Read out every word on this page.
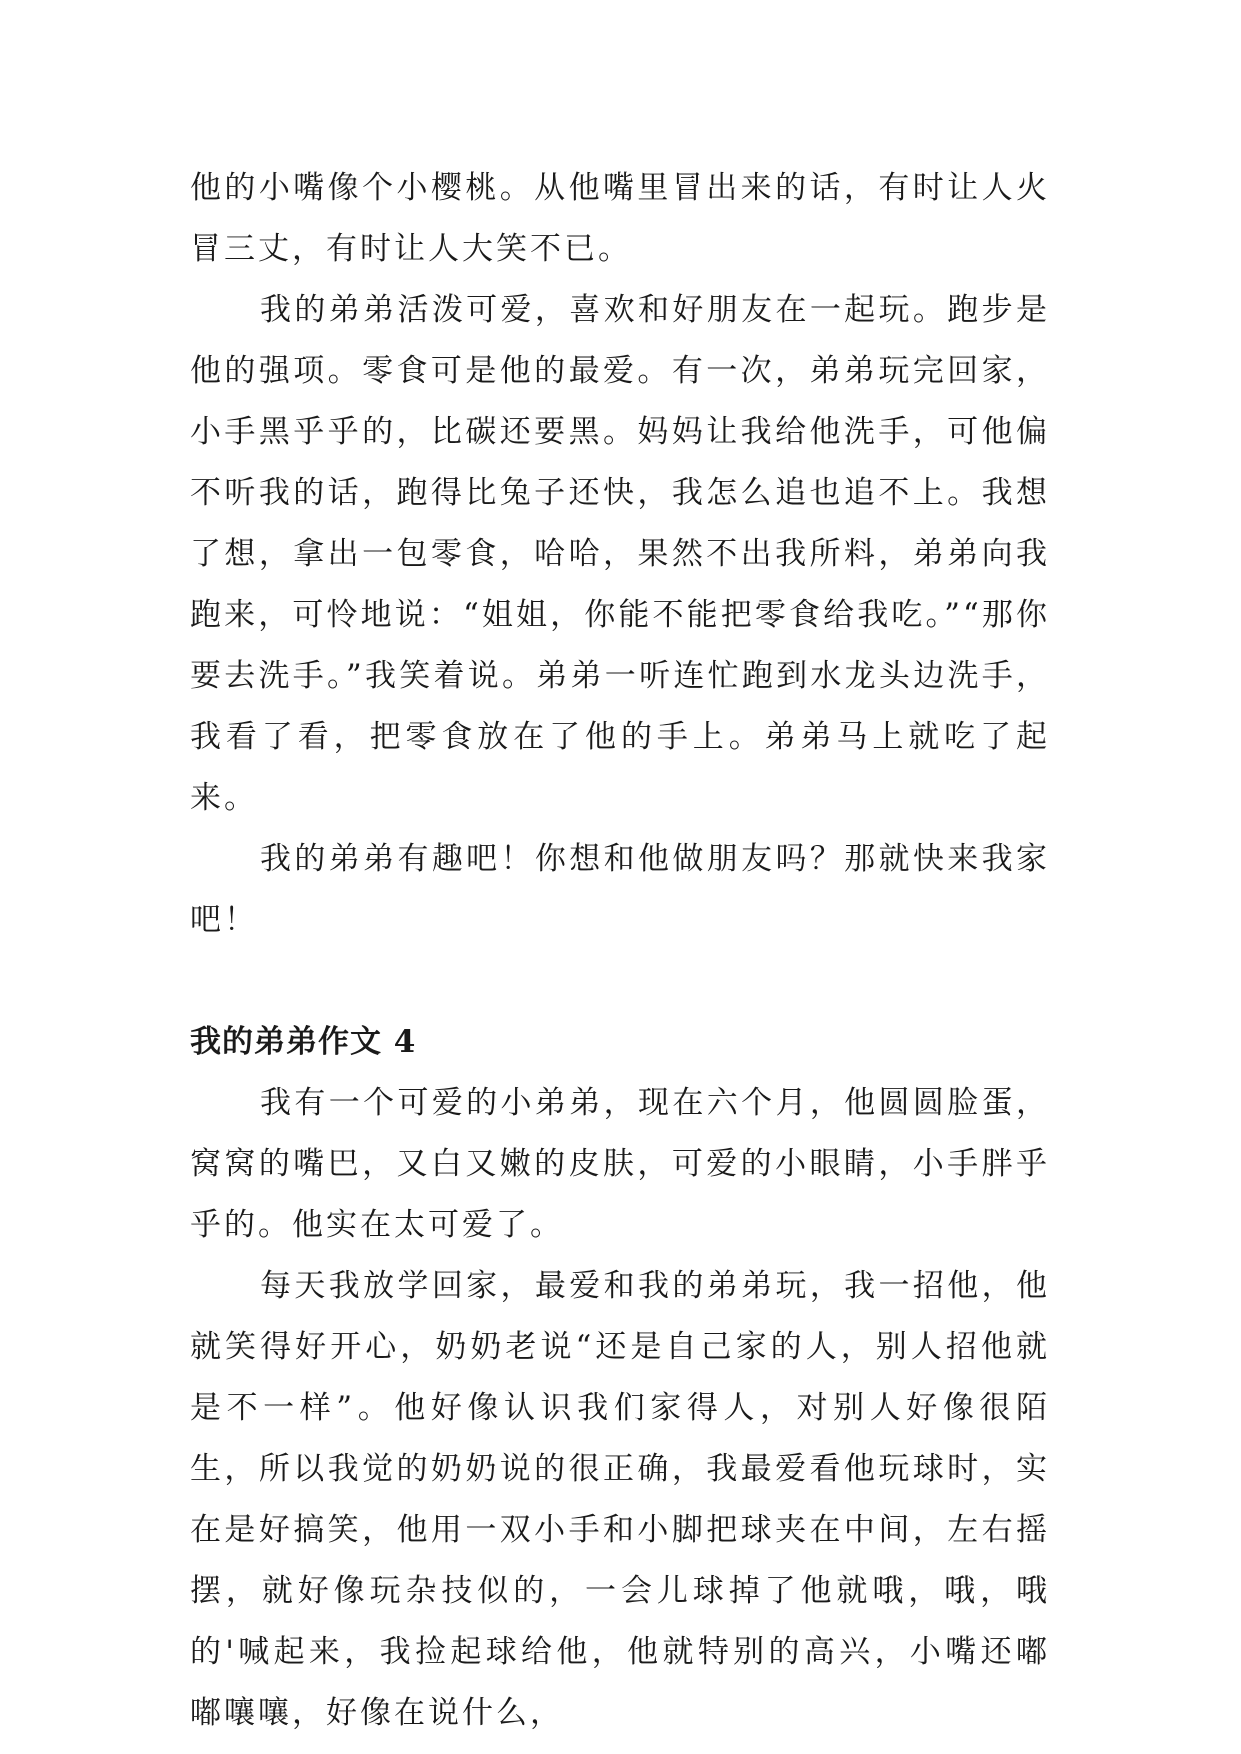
他的小嘴像个小樱桃。从他嘴里冒出来的话，有时让人火冒三丈，有时让人大笑不已。

我的弟弟活泼可爱，喜欢和好朋友在一起玩。跑步是他的强项。零食可是他的最爱。有一次，弟弟玩完回家，小手黑乎乎的，比碳还要黑。妈妈让我给他洗手，可他偏不听我的话，跑得比兔子还快，我怎么追也追不上。我想了想，拿出一包零食，哈哈，果然不出我所料，弟弟向我跑来，可怜地说：“姐姐，你能不能把零食给我吃。”“那你要去洗手。”我笑着说。弟弟一听连忙跑到水龙头边洗手，我看了看，把零食放在了他的手上。弟弟马上就吃了起来。

我的弟弟有趣吧！你想和他做朋友吗？那就快来我家吧！

我的弟弟作文 4

我有一个可爱的小弟弟，现在六个月，他圆圆脸蛋，窝窝的嘴巴，又白又嫩的皮肤，可爱的小眼睛，小手胖乎乎的。他实在太可爱了。

每天我放学回家，最爱和我的弟弟玩，我一招他，他就笑得好开心，奶奶老说“还是自己家的人，别人招他就是不一样”。他好像认识我们家得人，对别人好像很陌生，所以我觉的奶奶说的很正确，我最爱看他玩球时，实在是好搞笑，他用一双小手和小脚把球夹在中间，左右摇摆，就好像玩杂技似的，一会儿球掉了他就哦，哦，哦的'喊起来，我捡起球给他，他就特别的高兴，小嘴还嘟嘟嚷嚷，好像在说什么，
